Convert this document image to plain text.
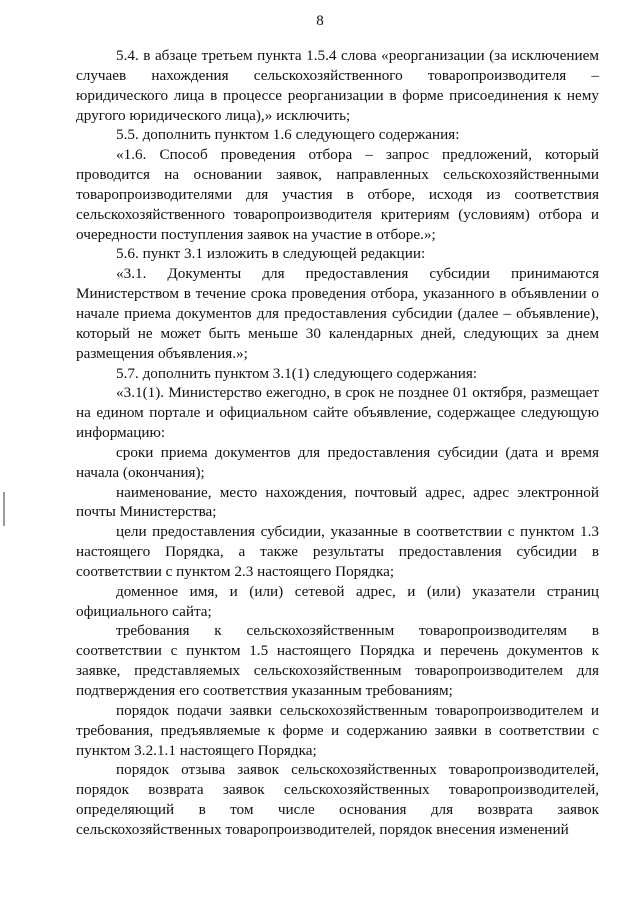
8

5.4. в абзаце третьем пункта 1.5.4 слова «реорганизации (за исключением случаев нахождения сельскохозяйственного товаропроизводителя – юридического лица в процессе реорганизации в форме присоединения к нему другого юридического лица),» исключить;

5.5. дополнить пунктом 1.6 следующего содержания:

«1.6. Способ проведения отбора – запрос предложений, который проводится на основании заявок, направленных сельскохозяйственными товаропроизводителями для участия в отборе, исходя из соответствия сельскохозяйственного товаропроизводителя критериям (условиям) отбора и очередности поступления заявок на участие в отборе.»;

5.6. пункт 3.1 изложить в следующей редакции:

«3.1. Документы для предоставления субсидии принимаются Министерством в течение срока проведения отбора, указанного в объявлении о начале приема документов для предоставления субсидии (далее – объявление), который не может быть меньше 30 календарных дней, следующих за днем размещения объявления.»;

5.7. дополнить пунктом 3.1(1) следующего содержания:

«3.1(1). Министерство ежегодно, в срок не позднее 01 октября, размещает на едином портале и официальном сайте объявление, содержащее следующую информацию:

сроки приема документов для предоставления субсидии (дата и время начала (окончания);

наименование, место нахождения, почтовый адрес, адрес электронной почты Министерства;

цели предоставления субсидии, указанные в соответствии с пунктом 1.3 настоящего Порядка, а также результаты предоставления субсидии в соответствии с пунктом 2.3 настоящего Порядка;

доменное имя, и (или) сетевой адрес, и (или) указатели страниц официального сайта;

требования к сельскохозяйственным товаропроизводителям в соответствии с пунктом 1.5 настоящего Порядка и перечень документов к заявке, представляемых сельскохозяйственным товаропроизводителем для подтверждения его соответствия указанным требованиям;

порядок подачи заявки сельскохозяйственным товаропроизводителем и требования, предъявляемые к форме и содержанию заявки в соответствии с пунктом 3.2.1.1 настоящего Порядка;

порядок отзыва заявок сельскохозяйственных товаропроизводителей, порядок возврата заявок сельскохозяйственных товаропроизводителей, определяющий в том числе основания для возврата заявок сельскохозяйственных товаропроизводителей, порядок внесения изменений
